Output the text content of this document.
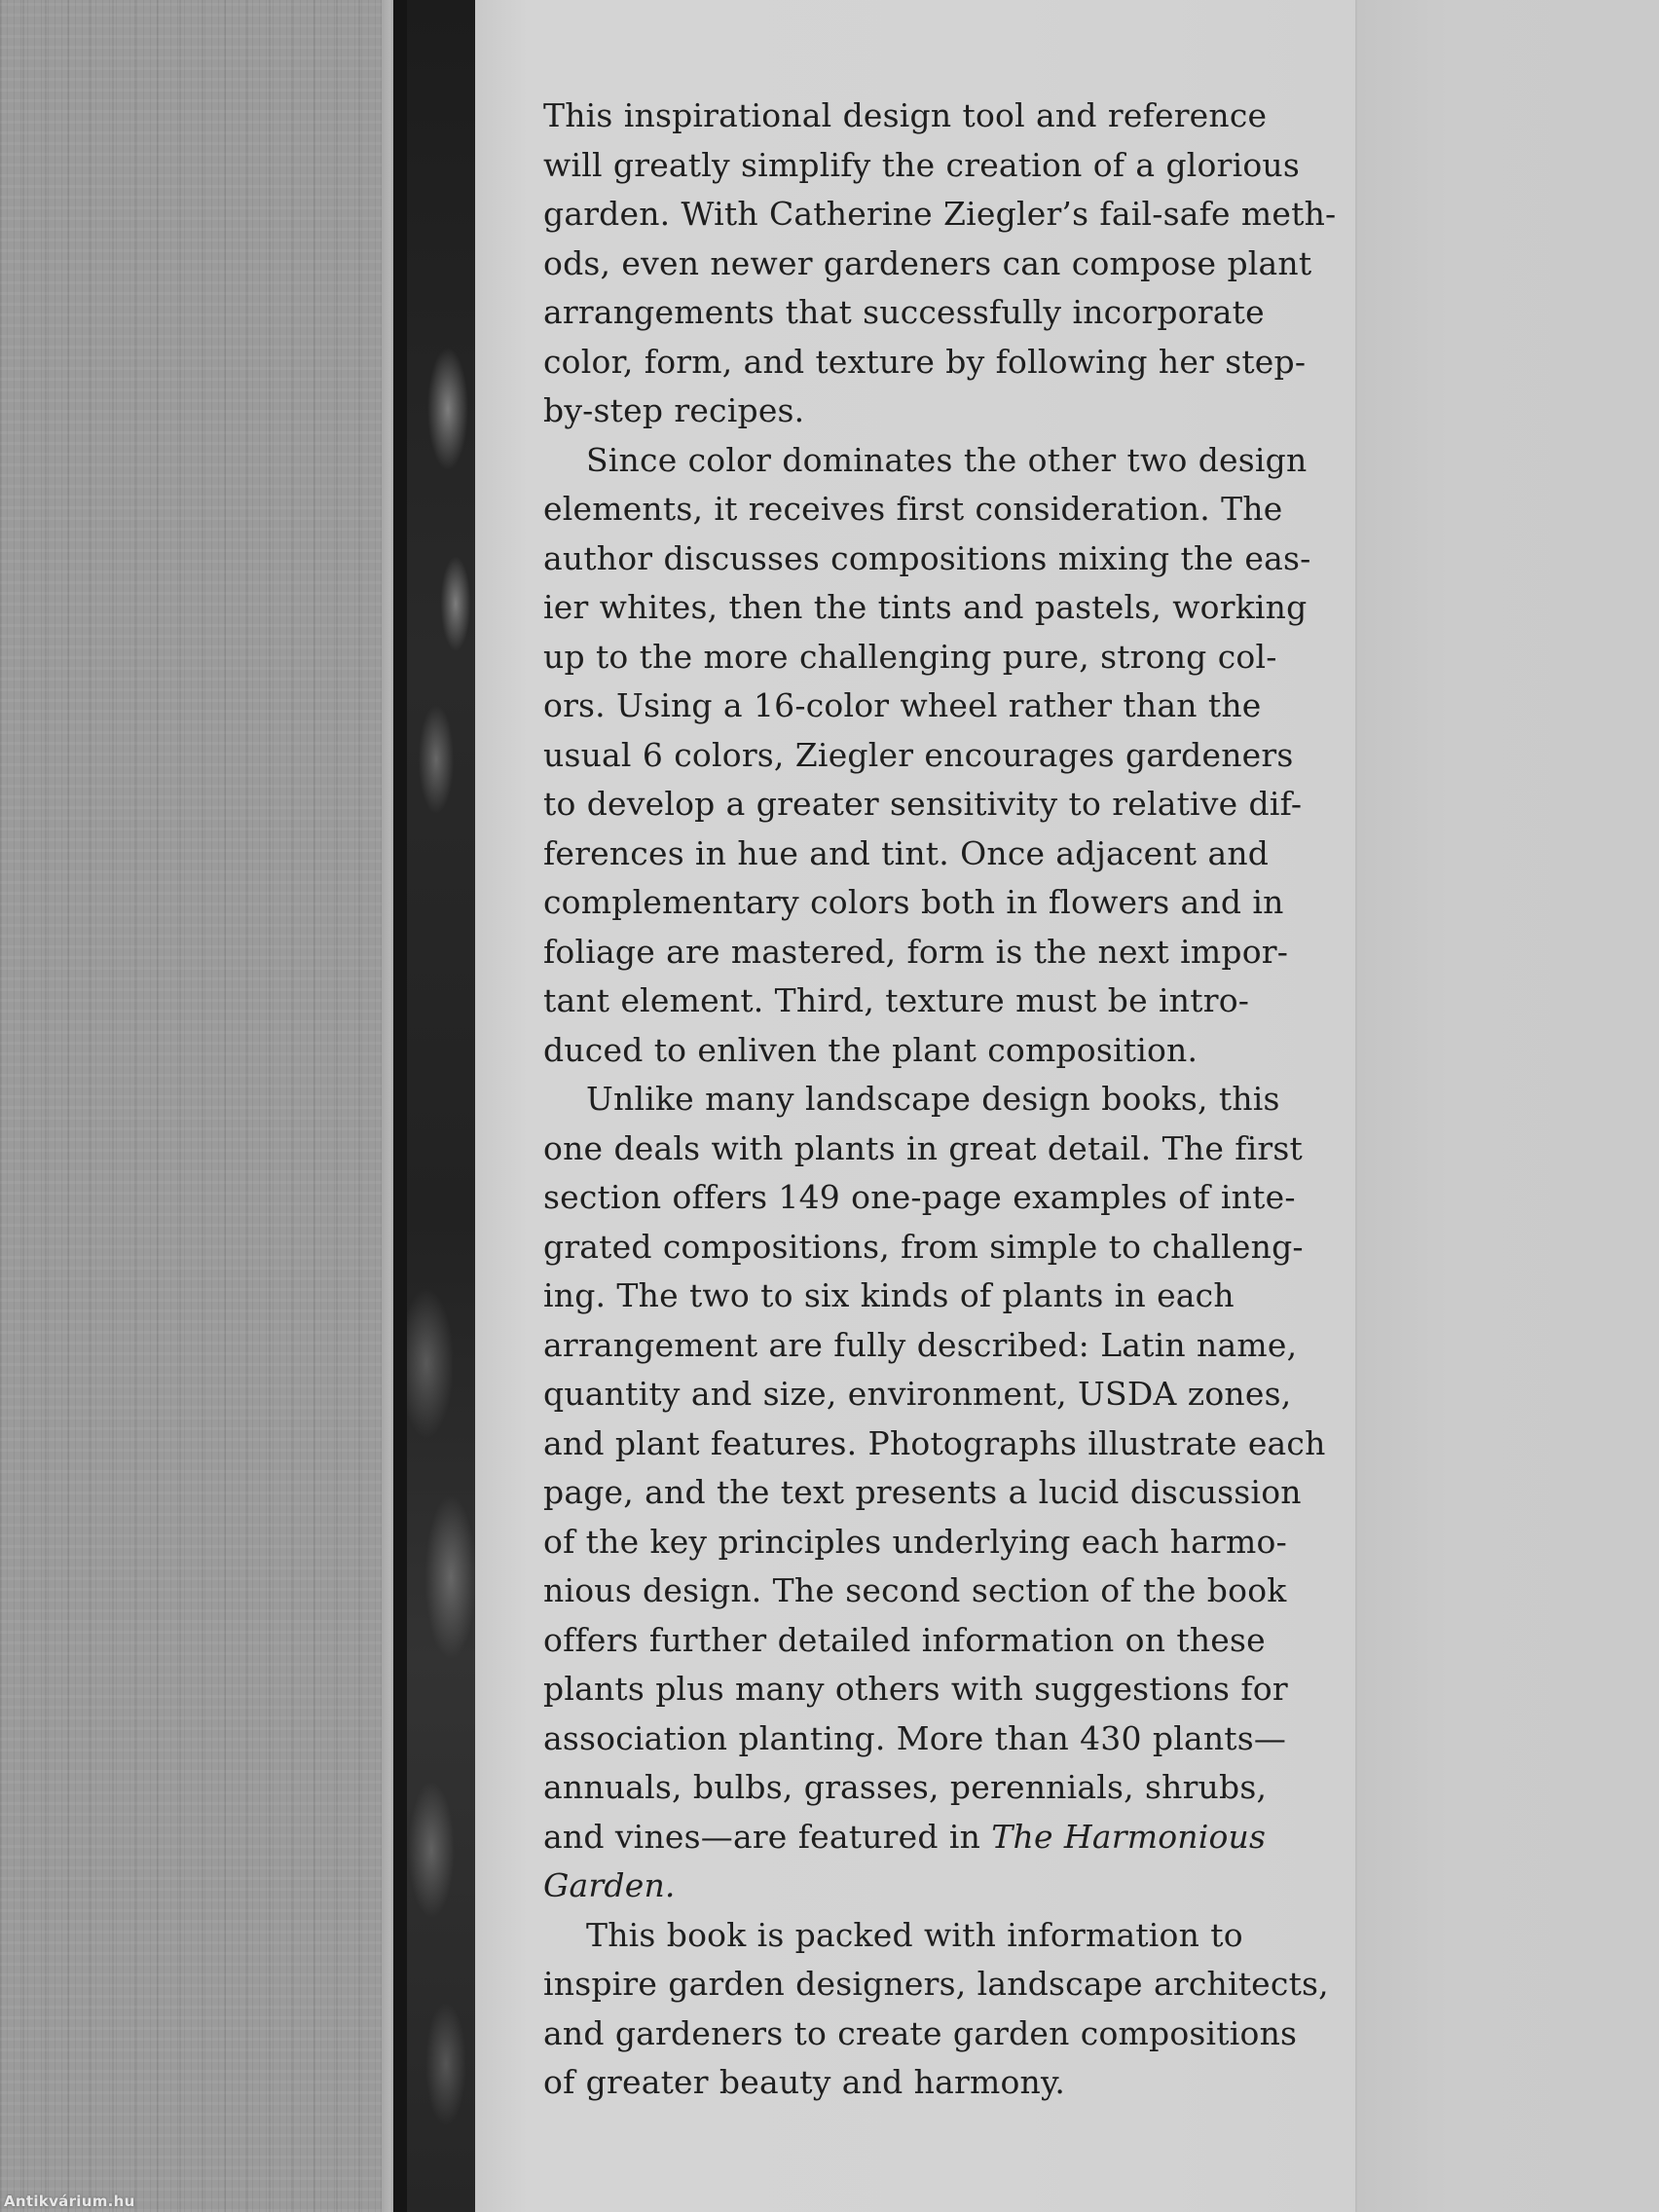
This inspirational design tool and reference
will greatly simplify the creation of a glorious
garden. With Catherine Ziegler’s fail-safe meth-
ods, even newer gardeners can compose plant
arrangements that successfully incorporate
color, form, and texture by following her step-
by-step recipes.
Since color dominates the other two design
elements, it receives first consideration. The
author discusses compositions mixing the eas-
ier whites, then the tints and pastels, working
up to the more challenging pure, strong col-
ors. Using a 16-color wheel rather than the
usual 6 colors, Ziegler encourages gardeners
to develop a greater sensitivity to relative dif-
ferences in hue and tint. Once adjacent and
complementary colors both in flowers and in
foliage are mastered, form is the next impor-
tant element. Third, texture must be intro-
duced to enliven the plant composition.
Unlike many landscape design books, this
one deals with plants in great detail. The first
section offers 149 one-page examples of inte-
grated compositions, from simple to challeng-
ing. The two to six kinds of plants in each
arrangement are fully described: Latin name,
quantity and size, environment, USDA zones,
and plant features. Photographs illustrate each
page, and the text presents a lucid discussion
of the key principles underlying each harmo-
nious design. The second section of the book
offers further detailed information on these
plants plus many others with suggestions for
association planting. More than 430 plants—
annuals, bulbs, grasses, perennials, shrubs,
and vines—are featured in The Harmonious
Garden.
This book is packed with information to
inspire garden designers, landscape architects,
and gardeners to create garden compositions
of greater beauty and harmony.
Antikvárium.hu
